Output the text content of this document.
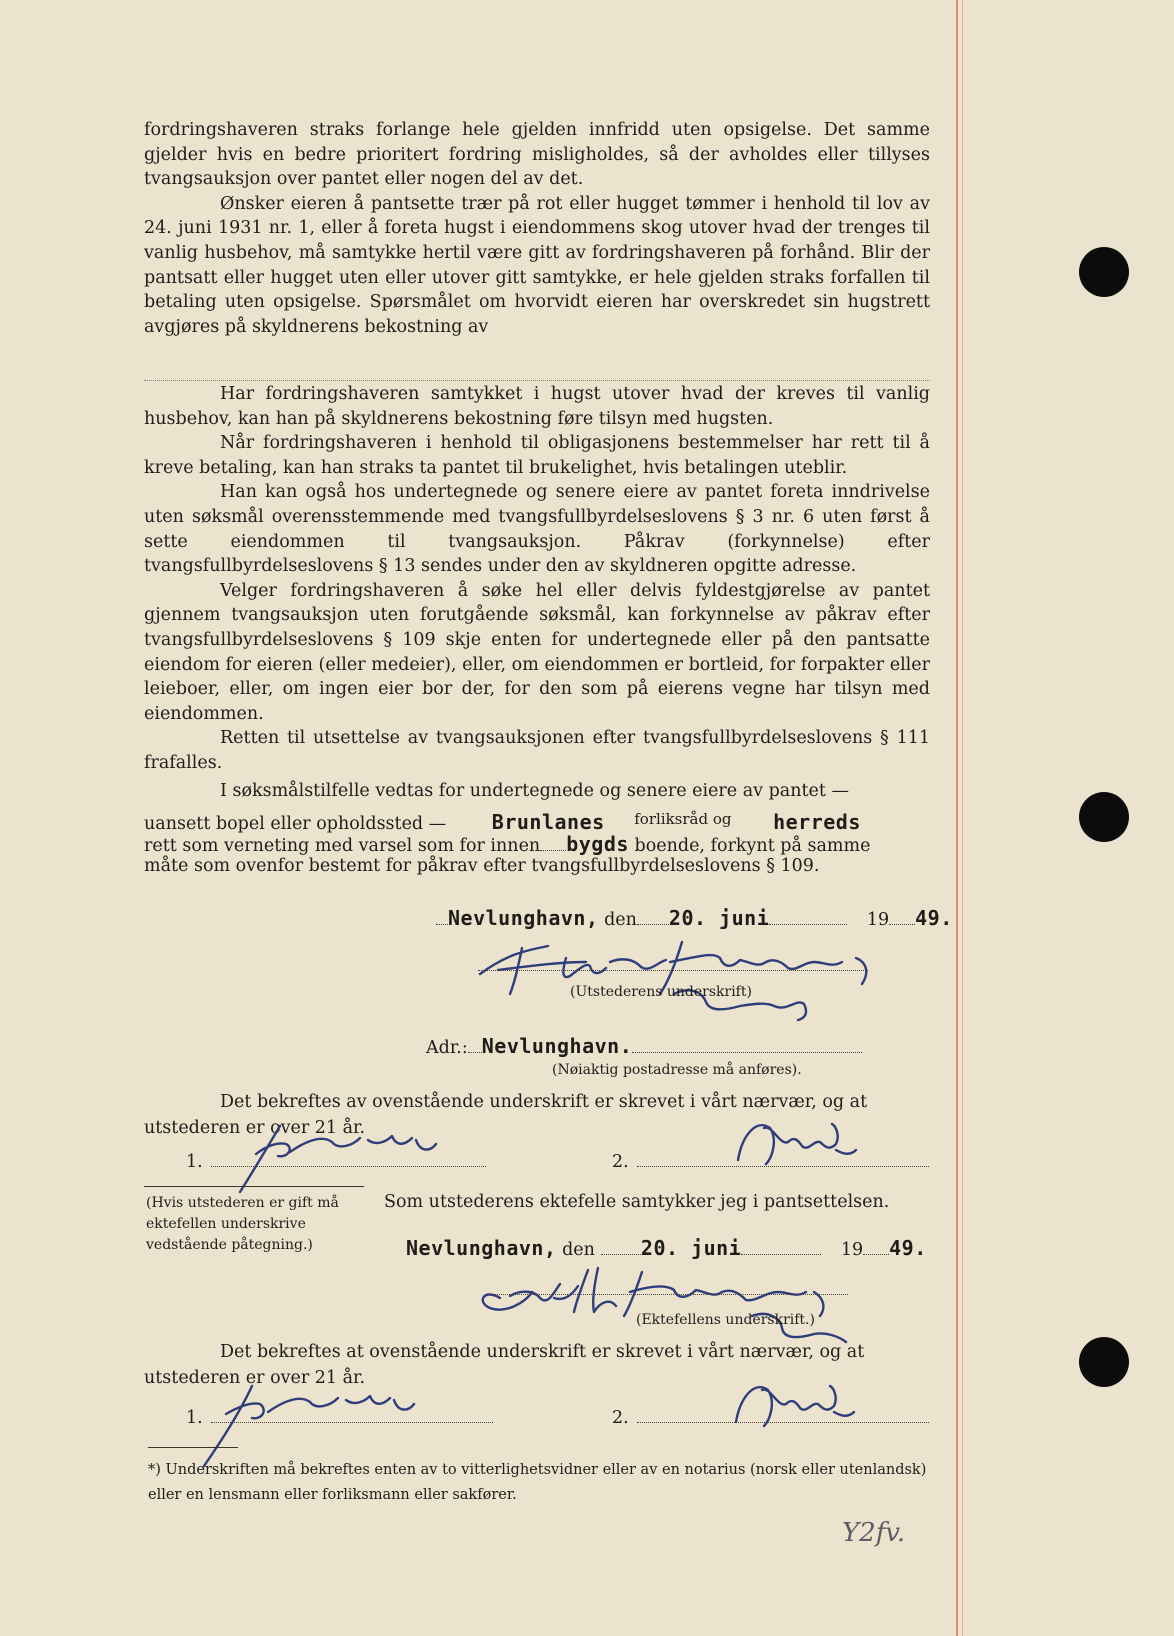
fordringshaveren straks forlange hele gjelden innfridd uten opsigelse. Det samme gjelder hvis en bedre prioritert fordring misligholdes, så der avholdes eller tillyses tvangsauksjon over pantet eller nogen del av det.

Ønsker eieren å pantsette trær på rot eller hugget tømmer i henhold til lov av 24. juni 1931 nr. 1, eller å foreta hugst i eiendommens skog utover hvad der trenges til vanlig husbehov, må samtykke hertil være gitt av fordringshaveren på forhånd. Blir der pantsatt eller hugget uten eller utover gitt samtykke, er hele gjelden straks forfallen til betaling uten opsigelse. Spørsmålet om hvorvidt eieren har overskredet sin hugstrett avgjøres på skyldnerens bekostning av

Har fordringshaveren samtykket i hugst utover hvad der kreves til vanlig husbehov, kan han på skyldnerens bekostning føre tilsyn med hugsten.

Når fordringshaveren i henhold til obligasjonens bestemmelser har rett til å kreve betaling, kan han straks ta pantet til brukelighet, hvis betalingen uteblir.

Han kan også hos undertegnede og senere eiere av pantet foreta inndrivelse uten søksmål overensstemmende med tvangsfullbyrdelseslovens § 3 nr. 6 uten først å sette eiendommen til tvangsauksjon. Påkrav (forkynnelse) efter tvangsfullbyrdelseslovens § 13 sendes under den av skyldneren opgitte adresse.

Velger fordringshaveren å søke hel eller delvis fyldestgjørelse av pantet gjennem tvangsauksjon uten forutgående søksmål, kan forkynnelse av påkrav efter tvangsfullbyrdelseslovens § 109 skje enten for undertegnede eller på den pantsatte eiendom for eieren (eller medeier), eller, om eiendommen er bortleid, for forpakter eller leieboer, eller, om ingen eier bor der, for den som på eierens vegne har tilsyn med eiendommen.

Retten til utsettelse av tvangsauksjonen efter tvangsfullbyrdelseslovens § 111 frafalles.

I søksmålstilfelle vedtas for undertegnede og senere eiere av pantet —
uansett bopel eller opholdssted — Brunlanes forliksråd og herreds
rett som verneting med varsel som for innen bygds boende, forkynt på samme
måte som ovenfor bestemt for påkrav efter tvangsfullbyrdelseslovens § 109.
Nevlunghavn, den 20. juni	19 49.
(Utstederens underskrift)
Adr.: Nevlunghavn.
(Nøiaktig postadresse må anføres).
Det bekreftes av ovenstående underskrift er skrevet i vårt nærvær, og at
utstederen er over 21 år.
1.	2.
(Hvis utstederen er gift må ektefellen underskrive vedstående påtegning.)
Som utstederens ektefelle samtykker jeg i pantsettelsen.
Nevlunghavn, den 20. juni	19 49.
(Ektefellens underskrift.)
Det bekreftes at ovenstående underskrift er skrevet i vårt nærvær, og at
utstederen er over 21 år.
1.	2.
*) Underskriften må bekreftes enten av to vitterlighetsvidner eller av en notarius (norsk eller utenlandsk) eller en lensmann eller forliksmann eller sakfører.
Y2fv.
